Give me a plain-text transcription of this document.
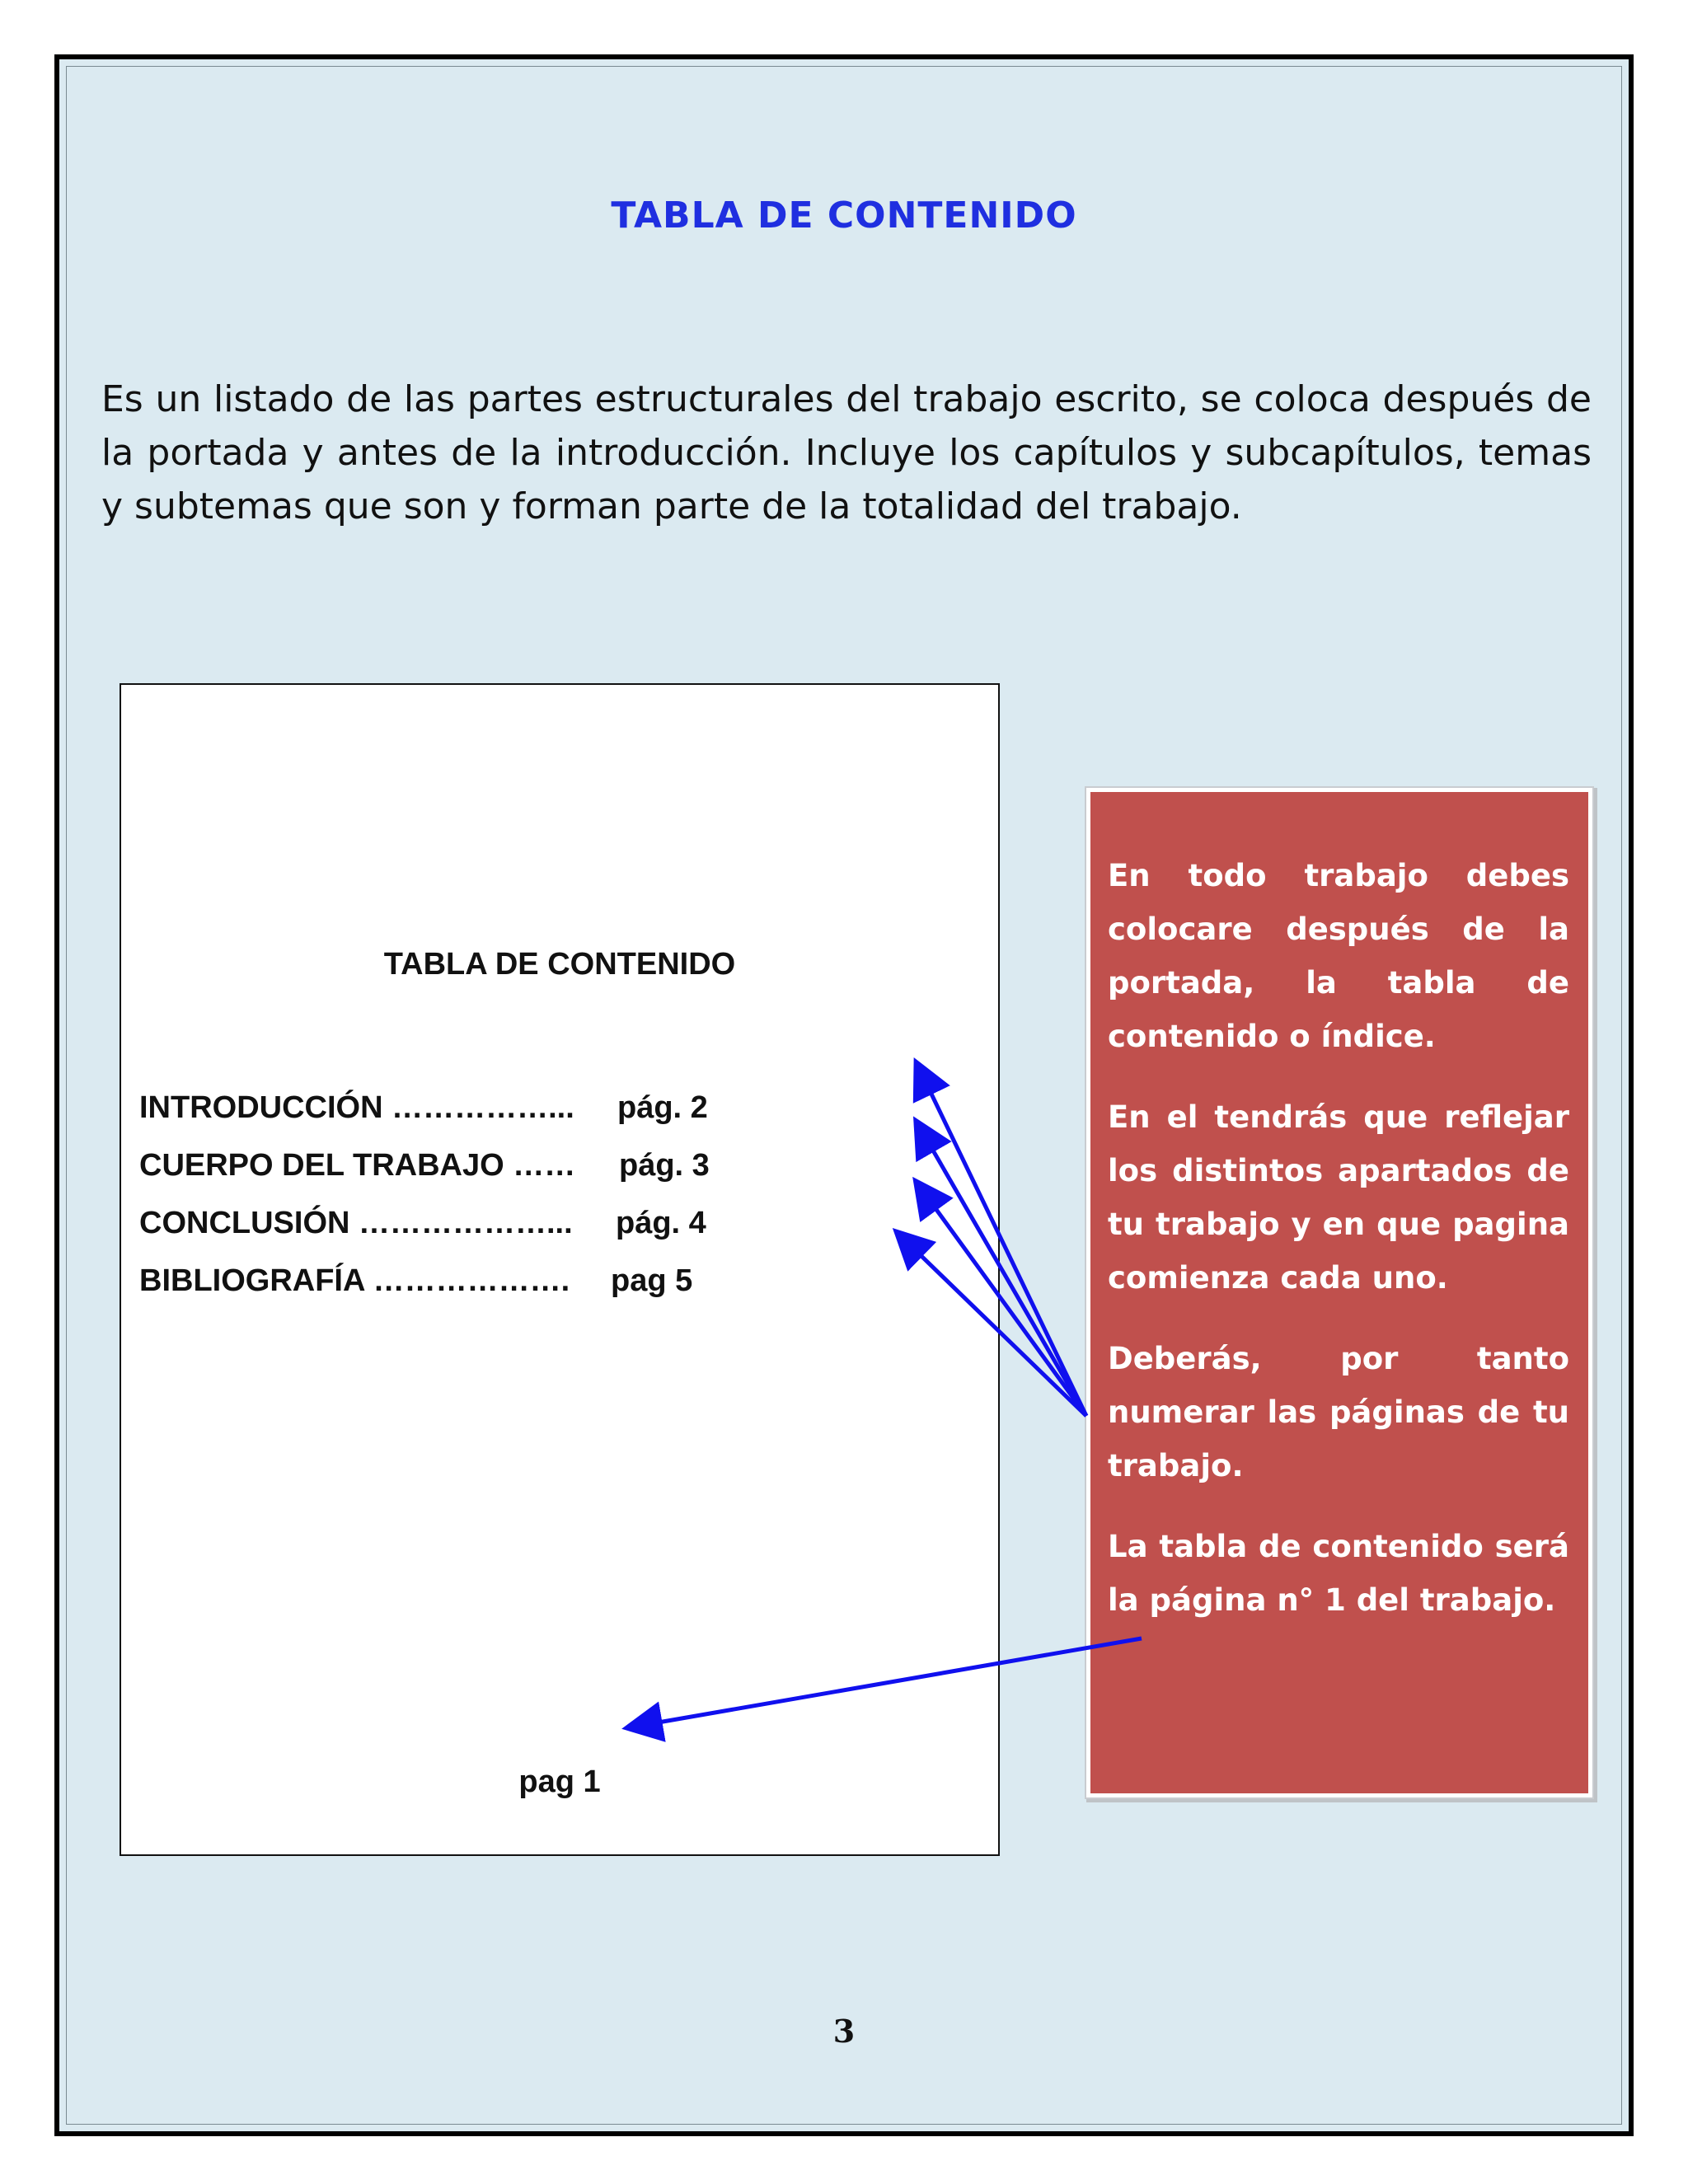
TABLA DE CONTENIDO
Es un listado de las partes estructurales del trabajo escrito, se coloca después de la portada y antes de la introducción. Incluye los capítulos y subcapítulos, temas y subtemas que son y forman parte de la totalidad del trabajo.
TABLA DE CONTENIDO
INTRODUCCIÓN ……………... pág. 2
CUERPO DEL TRABAJO …… pág. 3
CONCLUSIÓN ………………... pág. 4
BIBLIOGRAFÍA ………………. pag 5
pag 1

En todo trabajo debes colocare después de la portada, la tabla de contenido o índice.

En el tendrás que reflejar los distintos apartados de tu trabajo y en que pagina comienza cada uno.

Deberás, por tanto numerar las páginas de tu trabajo.

La tabla de contenido será la página n° 1 del trabajo.

3
